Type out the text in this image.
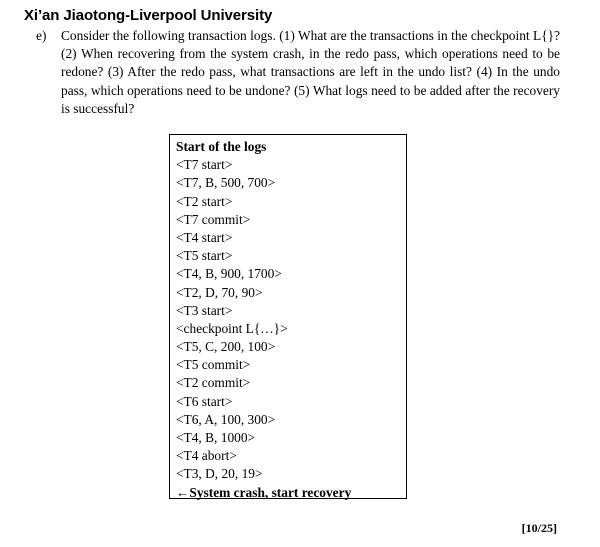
Xi’an Jiaotong-Liverpool University
e) Consider the following transaction logs. (1) What are the transactions in the checkpoint L{}? (2) When recovering from the system crash, in the redo pass, which operations need to be redone? (3) After the redo pass, what transactions are left in the undo list? (4) In the undo pass, which operations need to be undone? (5) What logs need to be added after the recovery is successful?
Start of the logs
<T7 start>
<T7, B, 500, 700>
<T2 start>
<T7 commit>
<T4 start>
<T5 start>
<T4, B, 900, 1700>
<T2, D, 70, 90>
<T3 start>
<checkpoint L{…}>
<T5, C, 200, 100>
<T5 commit>
<T2 commit>
<T6 start>
<T6, A, 100, 300>
<T4, B, 1000>
<T4 abort>
<T3, D, 20, 19>
←System crash, start recovery
[10/25]
